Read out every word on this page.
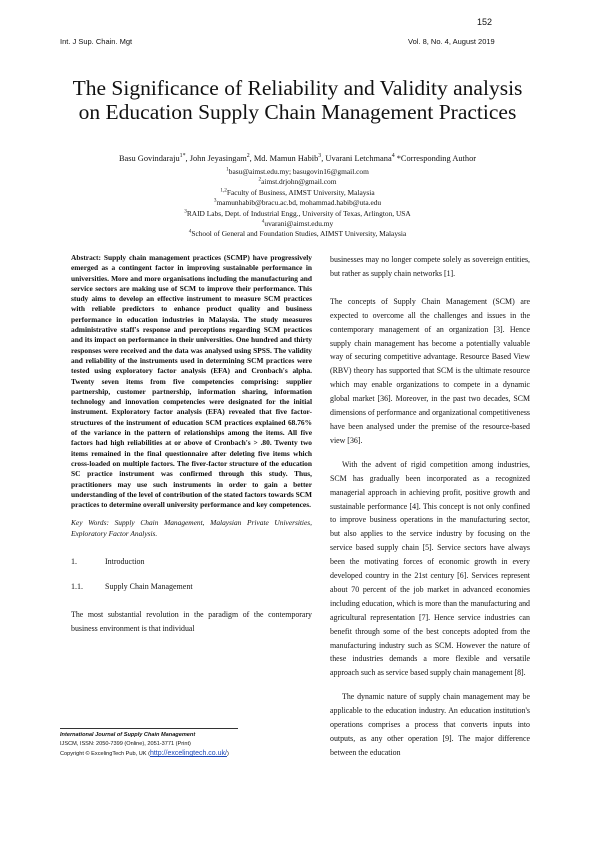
152
Int. J Sup. Chain. Mgt	Vol. 8, No. 4, August 2019
The Significance of Reliability and Validity analysis on Education Supply Chain Management Practices
Basu Govindaraju$^{1*}$, John Jeyasingam$^2$, Md. Mamun Habib$^3$, Uvarani Letchmana$^4$ *Corresponding Author
$^1$basu@aimst.edu.my; basugovin16@gmail.com
$^2$aimst.drjohn@gmail.com
$^{1,2}$Faculty of Business, AIMST University, Malaysia
$^3$mamunhabib@bracu.ac.bd, mohammad.habib@uta.edu
$^3$RAID Labs, Dept. of Industrial Engg., University of Texas, Arlington, USA
$^4$uvarani@aimst.edu.my
$^4$School of General and Foundation Studies, AIMST University, Malaysia
Abstract: Supply chain management practices (SCMP) have progressively emerged as a contingent factor in improving sustainable performance in universities. More and more organisations including the manufacturing and service sectors are making use of SCM to improve their performance. This study aims to develop an effective instrument to measure SCM practices with reliable predictors to enhance product quality and business performance in education industries in Malaysia. The study measures administrative staff's response and perceptions regarding SCM practices and its impact on performance in their universities. One hundred and thirty responses were received and the data was analysed using SPSS. The validity and reliability of the instruments used in determining SCM practices were tested using exploratory factor analysis (EFA) and Cronbach's alpha. Twenty seven items from five competencies comprising: supplier partnership, customer partnership, information sharing, information technology and innovation competencies were designated for the initial instrument. Exploratory factor analysis (EFA) revealed that five factor-structures of the instrument of education SCM practices explained 68.76% of the variance in the pattern of relationships among the items. All five factors had high reliabilities at or above of Cronbach's > .80. Twenty two items remained in the final questionnaire after deleting five items which cross-loaded on multiple factors. The fiver-factor structure of the education SC practice instrument was confirmed through this study. Thus, practitioners may use such instruments in order to gain a better understanding of the level of contribution of the stated factors towards SCM practices to determine overall university performance and key competences.
Key Words: Supply Chain Management, Malaysian Private Universities, Exploratory Factor Analysis.
1.	Introduction
1.1.	Supply Chain Management
The most substantial revolution in the paradigm of the contemporary business environment is that individual

businesses may no longer compete solely as sovereign entities, but rather as supply chain networks [1].

The concepts of Supply Chain Management (SCM) are expected to overcome all the challenges and issues in the contemporary management of an organization [3]. Hence supply chain management has become a potentially valuable way of securing competitive advantage. Resource Based View (RBV) theory has supported that SCM is the ultimate resource which may enable organizations to compete in a dynamic global market [36]. Moreover, in the past two decades, SCM dimensions of performance and organizational competitiveness have been analysed under the premise of the resource-based view [36].

With the advent of rigid competition among industries, SCM has gradually been incorporated as a recognized managerial approach in achieving profit, positive growth and sustainable performance [4]. This concept is not only confined to improve business operations in the manufacturing sector, but also applies to the service industry by focusing on the service based supply chain [5]. Service sectors have always been the motivating forces of economic growth in every developed country in the 21st century [6]. Services represent about 70 percent of the job market in advanced economies including education, which is more than the manufacturing and agricultural representation [7]. Hence service industries can benefit through some of the best concepts adopted from the manufacturing industry such as SCM. However the nature of these industries demands a more flexible and versatile approach such as service based supply chain management [8].

The dynamic nature of supply chain management may be applicable to the education industry. An education institution's operations comprises a process that converts inputs into outputs, as any other operation [9]. The major difference between the education

International Journal of Supply Chain Management
IJSCM, ISSN: 2050-7399 (Online), 2051-3771 (Print)
Copyright © ExcelingTech Pub, UK (http://excelingtech.co.uk/)
